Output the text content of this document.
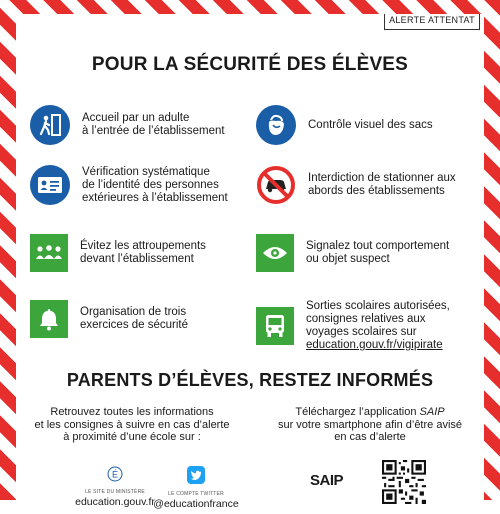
ALERTE ATTENTAT
POUR LA SÉCURITÉ DES ÉLÈVES
Accueil par un adulte
à l’entrée de l’établissement
Contrôle visuel des sacs
Vérification systématique
de l’identité des personnes
extérieures à l’établissement
Interdiction de stationner aux
abords des établissements
Évitez les attroupements
devant l’établissement
Signalez tout comportement
ou objet suspect
Organisation de trois
exercices de sécurité
Sorties scolaires autorisées,
consignes relatives aux
voyages scolaires sur
education.gouv.fr/vigipirate
PARENTS D’ÉLÈVES, RESTEZ INFORMÉS
Retrouvez toutes les informations
et les consignes à suivre en cas d’alerte
à proximité d’une école sur :
Téléchargez l’application SAIP
sur votre smartphone afin d’être avisé
en cas d’alerte
É
LE SITE DU MINISTÈRE
education.gouv.fr
LE COMPTE TWITTER
@educationfrance
SAIP
